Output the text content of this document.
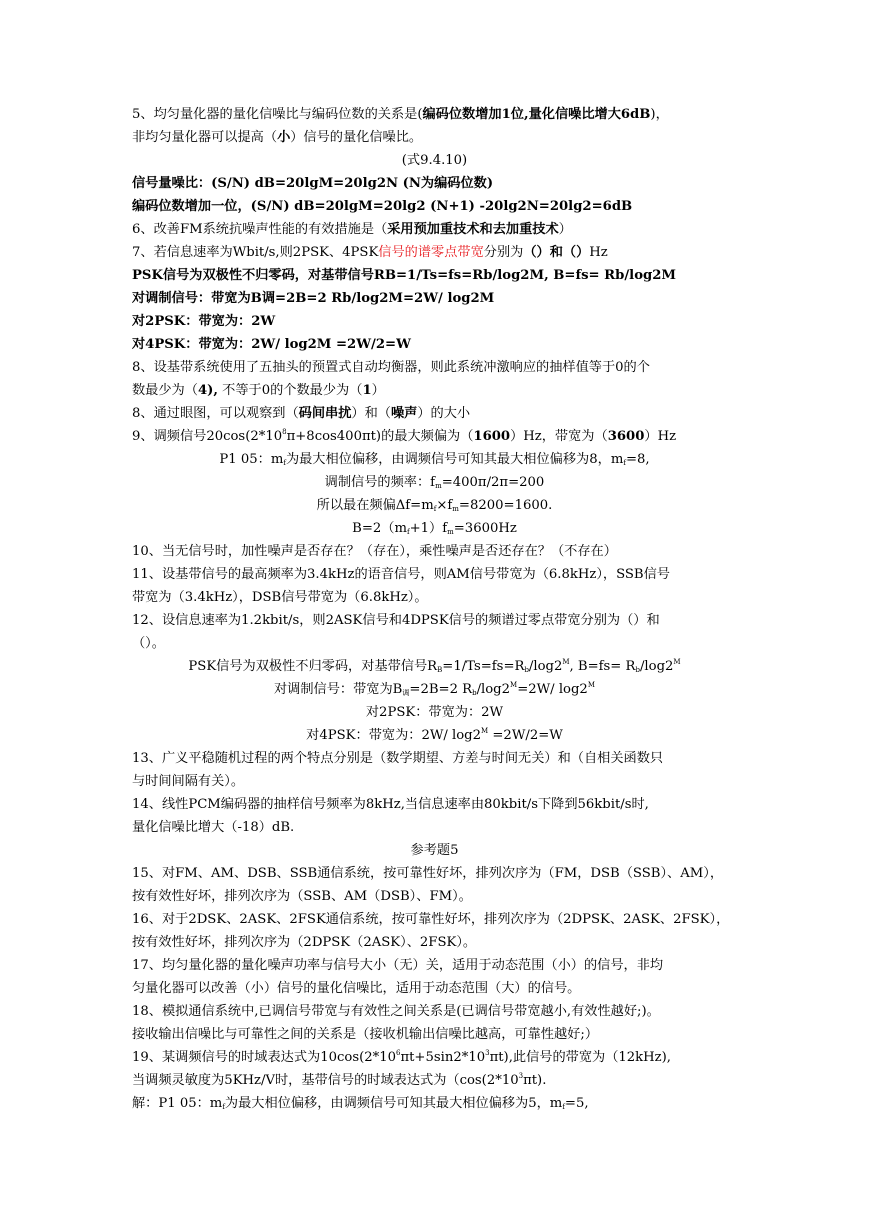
5、均匀量化器的量化信噪比与编码位数的关系是(编码位数增加1位,量化信噪比增大6dB)，
非均匀量化器可以提高（小）信号的量化信噪比。
(式9.4.10)
信号量噪比：(S/N) dB=20lgM=20lg2N (N为编码位数)
编码位数增加一位，(S/N) dB=20lgM=20lg2 (N+1) -20lg2N=20lg2=6dB
6、改善FM系统抗噪声性能的有效措施是（采用预加重技术和去加重技术）
7、若信息速率为Wbit/s,则2PSK、4PSK信号的谱零点带宽分别为（）和（）Hz
PSK信号为双极性不归零码，对基带信号RB=1/Ts=fs=Rb/log2M, B=fs= Rb/log2M
对调制信号：带宽为B调=2B=2 Rb/log2M=2W/ log2M
对2PSK：带宽为：2W
对4PSK：带宽为：2W/ log2M =2W/2=W
8、设基带系统使用了五抽头的预置式自动均衡器，则此系统冲激响应的抽样值等于0的个
数最少为（4), 不等于0的个数最少为（1）
8、通过眼图，可以观察到（码间串扰）和（噪声）的大小
9、调频信号$20\cos(2*10^8\pi+8\cos 400\pi t)$的最大频偏为（1600）Hz，带宽为（3600）Hz
P1 05：$m_f$为最大相位偏移，由调频信号可知其最大相位偏移为8，$m_f=8$,
调制信号的频率：$f_m=400\pi/2\pi=200$
所以最在频偏$\Delta f=m_f\times f_m=8200=1600$.
$B=2(m_f+1)f_m=3600Hz$
10、当无信号时，加性噪声是否存在？（存在），乘性噪声是否还存在？（不存在）
11、设基带信号的最高频率为3.4kHz的语音信号，则AM信号带宽为（6.8kHz），SSB信号
带宽为（3.4kHz），DSB信号带宽为（6.8kHz）。
12、设信息速率为1.2kbit/s，则2ASK信号和4DPSK信号的频谱过零点带宽分别为（）和
（）。
PSK信号为双极性不归零码，对基带信号$R_B=1/Ts=fs=R_b/\log 2^M$, $B=fs= R_b/\log 2^M$
对调制信号：带宽为$B_调=2B=2$ $R_b/\log 2^M=2W/$ $\log 2^M$
对2PSK：带宽为：2W
对4PSK：带宽为：2W/ $\log 2^M =2W/2=W$
13、广义平稳随机过程的两个特点分别是（数学期望、方差与时间无关）和（自相关函数只
与时间间隔有关）。
14、线性PCM编码器的抽样信号频率为8kHz,当信息速率由80kbit/s下降到56kbit/s时,
量化信噪比增大（-18）dB.
参考题5
15、对FM、AM、DSB、SSB通信系统，按可靠性好坏，排列次序为（FM，DSB（SSB）、AM），
按有效性好坏，排列次序为（SSB、AM（DSB）、FM）。
16、对于2DSK、2ASK、2FSK通信系统，按可靠性好坏，排列次序为（2DPSK、2ASK、2FSK），
按有效性好坏，排列次序为（2DPSK（2ASK）、2FSK）。
17、均匀量化器的量化噪声功率与信号大小（无）关，适用于动态范围（小）的信号，非均
匀量化器可以改善（小）信号的量化信噪比，适用于动态范围（大）的信号。
18、模拟通信系统中,已调信号带宽与有效性之间关系是(已调信号带宽越小,有效性越好;)。
接收输出信噪比与可靠性之间的关系是（接收机输出信噪比越高，可靠性越好;）
19、某调频信号的时域表达式为$10\cos(2*10^6\pi t+5\sin 2*10^3\pi t)$,此信号的带宽为（12kHz),
当调频灵敏度为5KHz/V时，基带信号的时域表达式为（$\cos(2*10^3\pi t)$.
解：P1 05：$m_f$为最大相位偏移，由调频信号可知其最大相位偏移为5，$m_f=5$,
